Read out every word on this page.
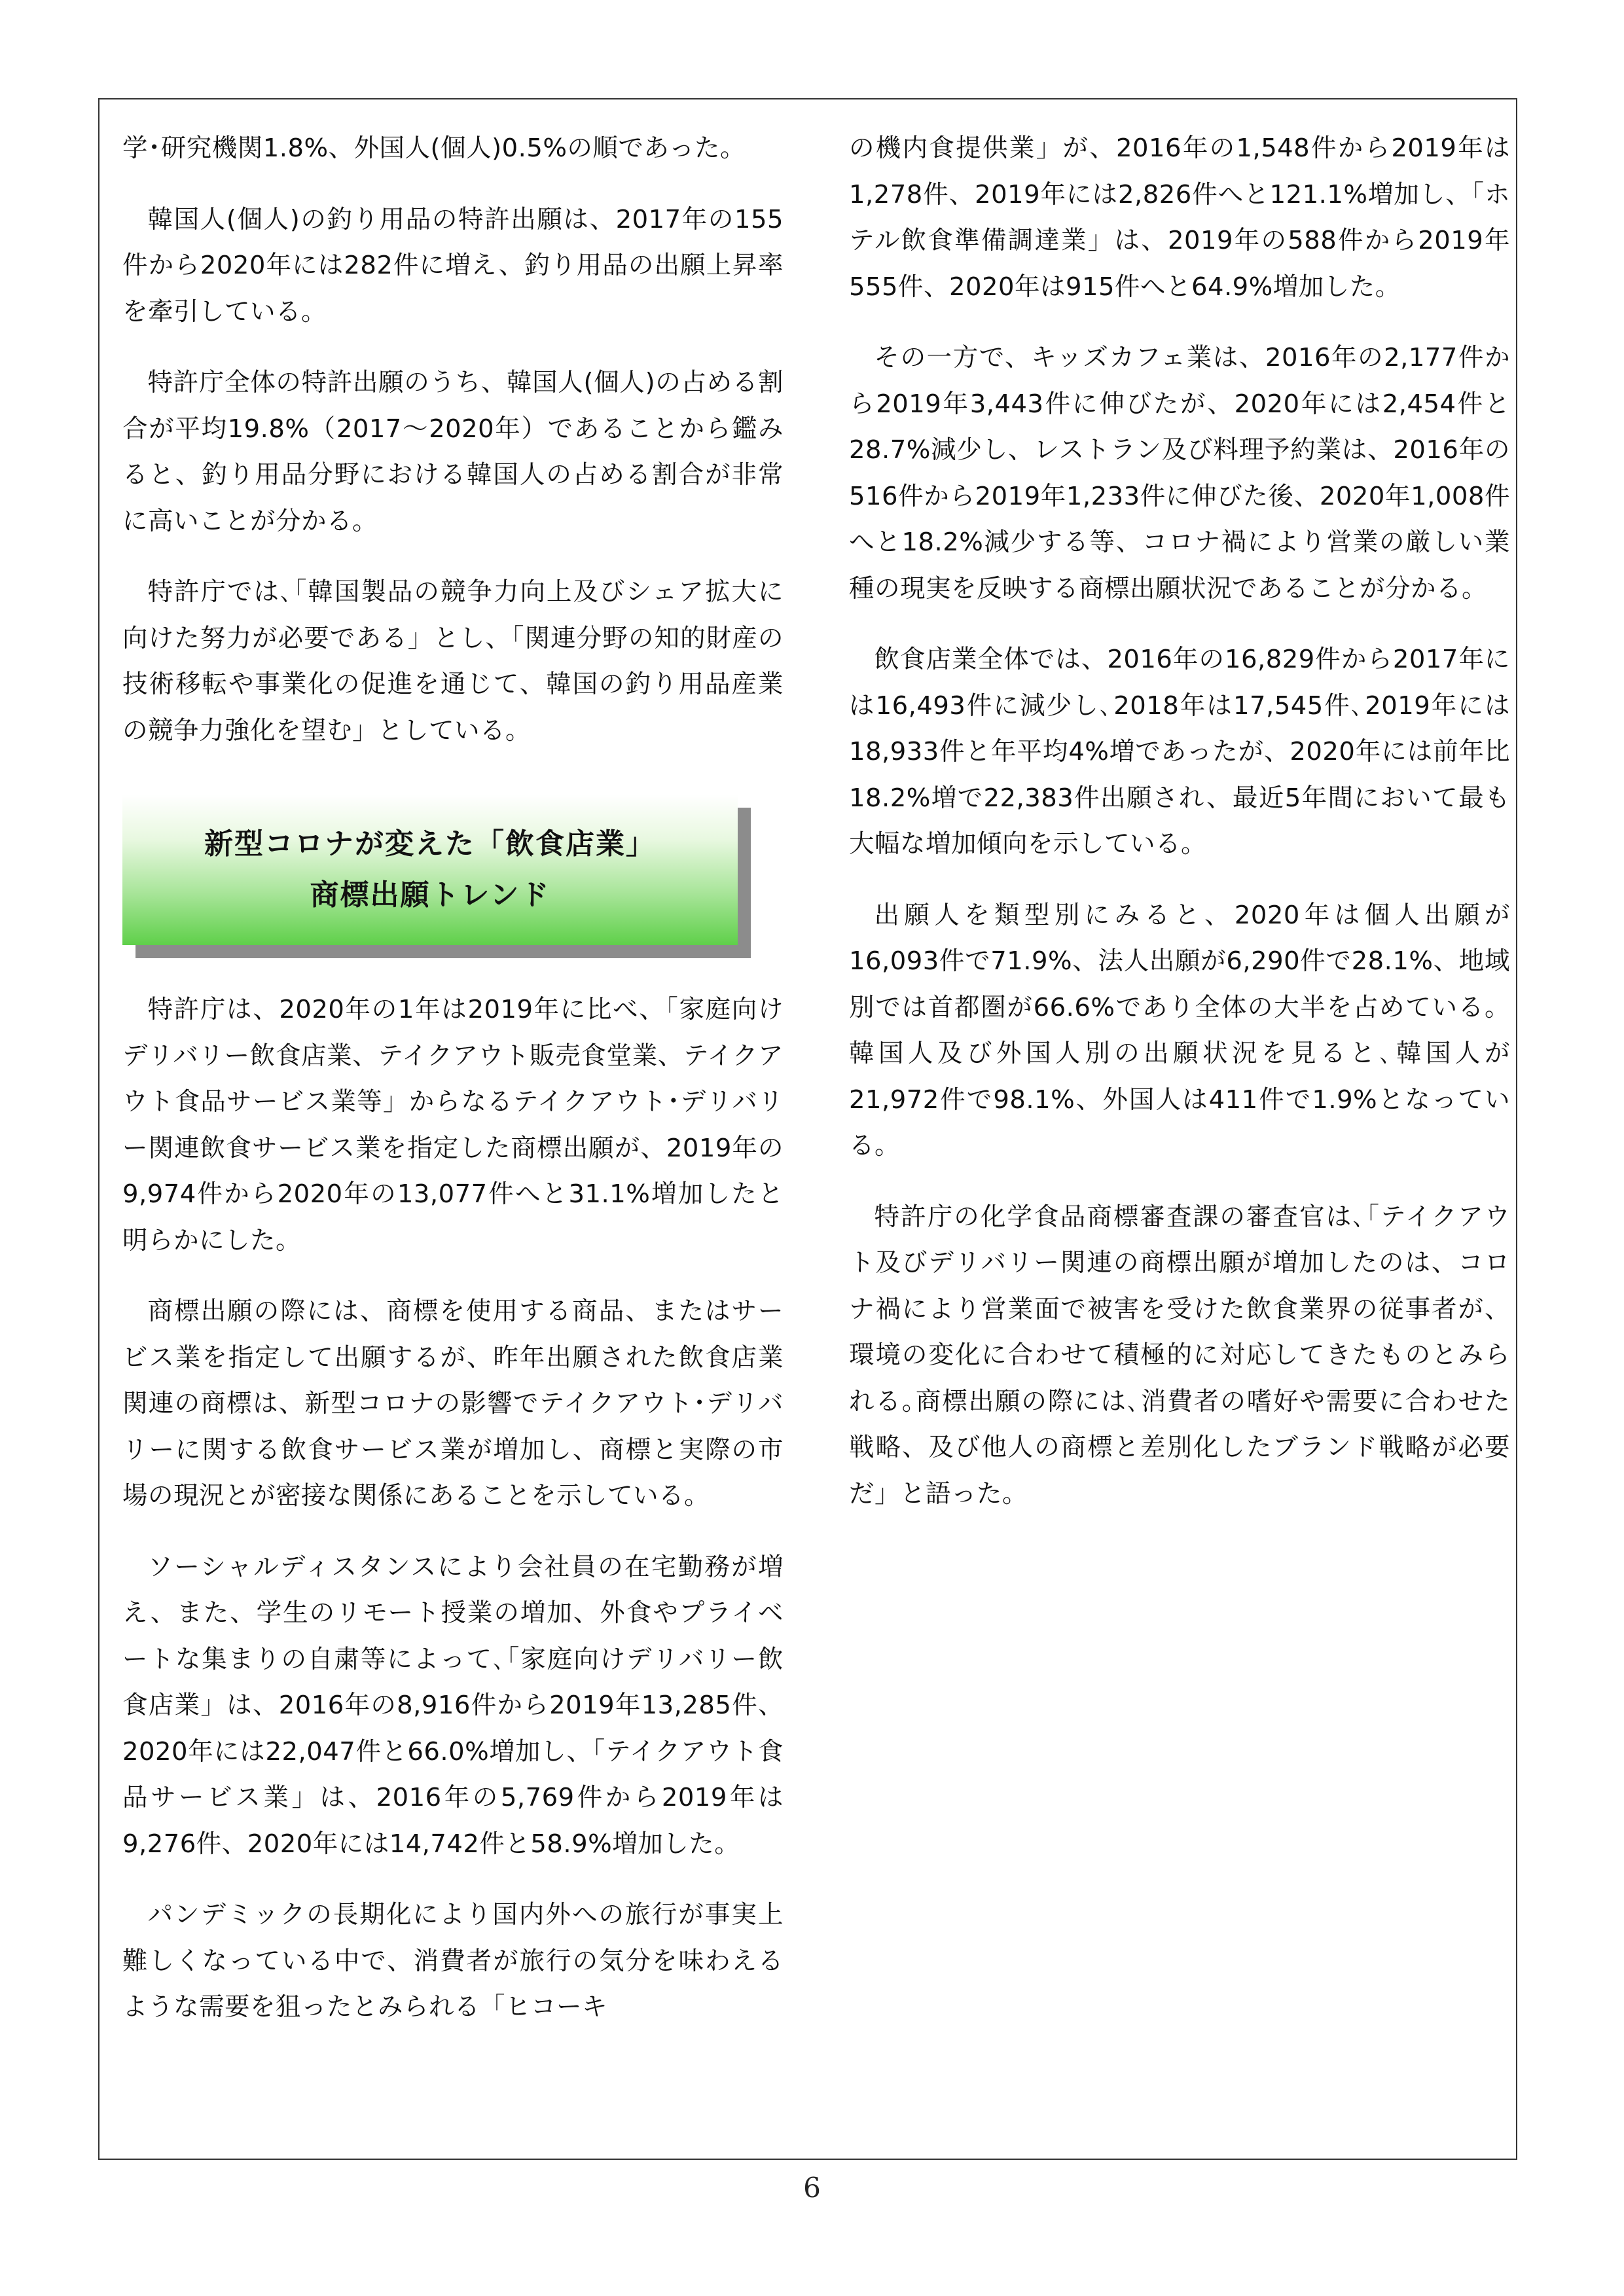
学･研究機関1.8%、外国人(個人)0.5%の順であった。

韓国人(個人)の釣り用品の特許出願は、2017年の155件から2020年には282件に増え、釣り用品の出願上昇率を牽引している。

特許庁全体の特許出願のうち、韓国人(個人)の占める割合が平均19.8%（2017～2020年）であることから鑑みると、釣り用品分野における韓国人の占める割合が非常に高いことが分かる。

特許庁では､｢韓国製品の競争力向上及びシェア拡大に向けた努力が必要である」とし、「関連分野の知的財産の技術移転や事業化の促進を通じて、韓国の釣り用品産業の競争力強化を望む」としている。

新型コロナが変えた「飲食店業」
商標出願トレンド

特許庁は、2020年の1年は2019年に比べ、「家庭向けデリバリー飲食店業、テイクアウト販売食堂業、テイクアウト食品サービス業等」からなるテイクアウト･デリバリー関連飲食サービス業を指定した商標出願が、2019年の9,974件から2020年の13,077件へと31.1%増加したと明らかにした。

商標出願の際には、商標を使用する商品、またはサービス業を指定して出願するが、昨年出願された飲食店業関連の商標は、新型コロナの影響でテイクアウト･デリバリーに関する飲食サービス業が増加し、商標と実際の市場の現況とが密接な関係にあることを示している。

ソーシャルディスタンスにより会社員の在宅勤務が増え、また、学生のリモート授業の増加、外食やプライベートな集まりの自粛等によって､｢家庭向けデリバリー飲食店業」は、2016年の8,916件から2019年13,285件、2020年には22,047件と66.0%増加し、「テイクアウト食品サービス業」は、2016年の5,769件から2019年は9,276件、2020年には14,742件と58.9%増加した。

パンデミックの長期化により国内外への旅行が事実上難しくなっている中で、消費者が旅行の気分を味わえるような需要を狙ったとみられる「ヒコーキ

の機内食提供業」が、2016年の1,548件から2019年は1,278件、2019年には2,826件へと121.1%増加し、「ホテル飲食準備調達業」は、2019年の588件から2019年555件、2020年は915件へと64.9%増加した。

その一方で、キッズカフェ業は、2016年の2,177件から2019年3,443件に伸びたが、2020年には2,454件と28.7%減少し、レストラン及び料理予約業は、2016年の516件から2019年1,233件に伸びた後、2020年1,008件へと18.2%減少する等、コロナ禍により営業の厳しい業種の現実を反映する商標出願状況であることが分かる。

飲食店業全体では、2016年の16,829件から2017年には16,493件に減少し､2018年は17,545件､2019年には18,933件と年平均4%増であったが、2020年には前年比18.2%増で22,383件出願され、最近5年間において最も大幅な増加傾向を示している。

出願人を類型別にみると、2020年は個人出願が16,093件で71.9%、法人出願が6,290件で28.1%、地域別では首都圏が66.6%であり全体の大半を占めている。韓国人及び外国人別の出願状況を見ると､韓国人が21,972件で98.1%、外国人は411件で1.9%となっている。

特許庁の化学食品商標審査課の審査官は､｢テイクアウト及びデリバリー関連の商標出願が増加したのは、コロナ禍により営業面で被害を受けた飲食業界の従事者が、環境の変化に合わせて積極的に対応してきたものとみられる｡商標出願の際には､消費者の嗜好や需要に合わせた戦略、及び他人の商標と差別化したブランド戦略が必要だ」と語った。

6
